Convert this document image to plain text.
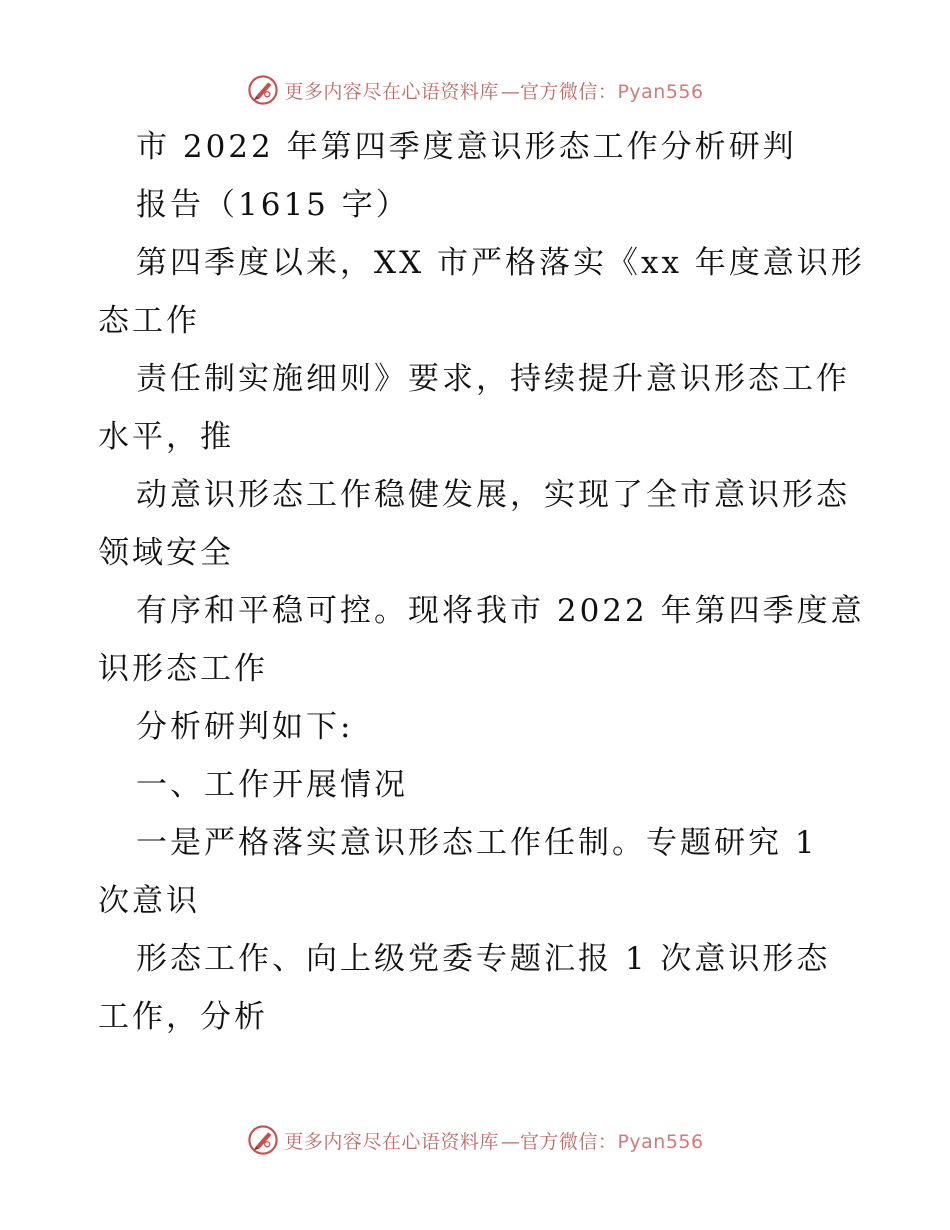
更多内容尽在心语资料库 — 官方微信：Pyan556
市 2022 年第四季度意识形态工作分析研判
报告（1615 字）
第四季度以来，XX 市严格落实《xx 年度意识形
态工作
责任制实施细则》要求，持续提升意识形态工作
水平，推
动意识形态工作稳健发展，实现了全市意识形态
领域安全
有序和平稳可控。现将我市 2022 年第四季度意
识形态工作
分析研判如下:
一、工作开展情况
一是严格落实意识形态工作任制。专题研究 1
次意识
形态工作、向上级党委专题汇报 1 次意识形态
工作，分析
更多内容尽在心语资料库 — 官方微信：Pyan556
